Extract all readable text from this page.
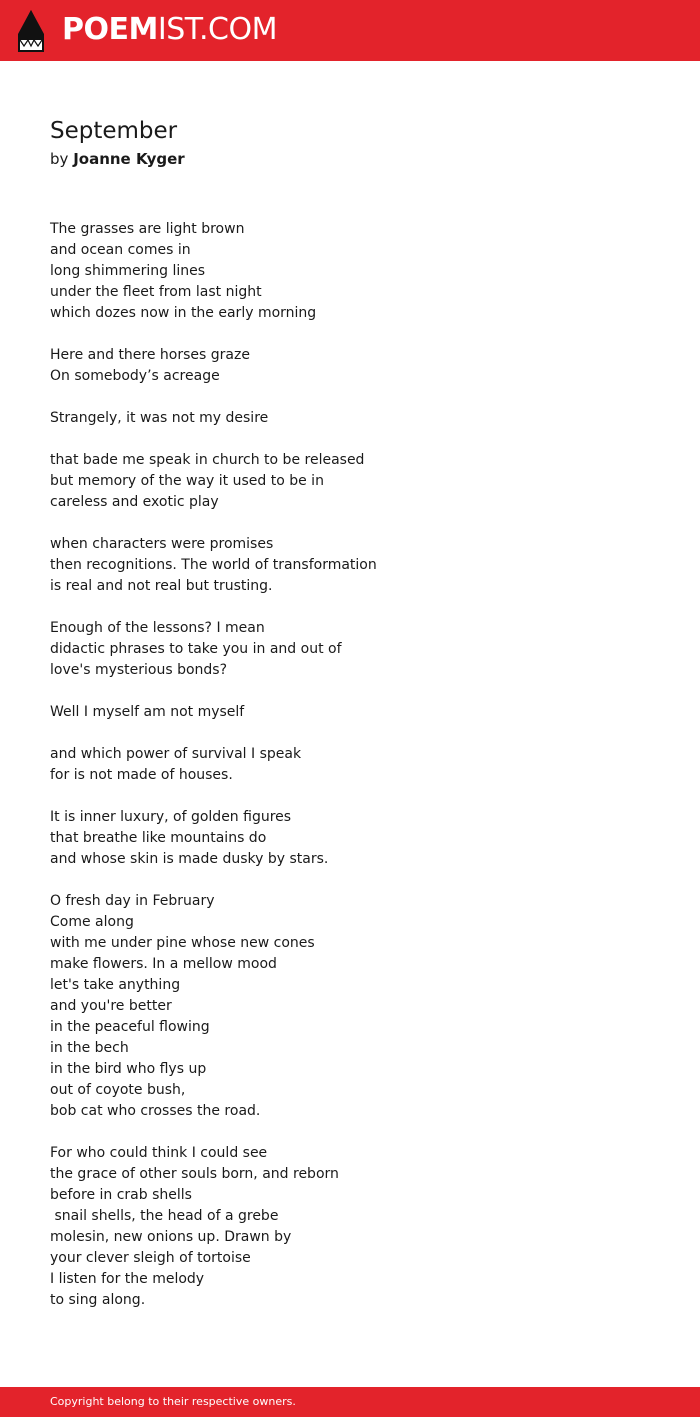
POEMIST.COM
September
by Joanne Kyger
The grasses are light brown
and ocean comes in
long shimmering lines
under the fleet from last night
which dozes now in the early morning

Here and there horses graze
On somebody’s acreage

Strangely, it was not my desire

that bade me speak in church to be released
but memory of the way it used to be in
careless and exotic play

when characters were promises
then recognitions. The world of transformation
is real and not real but trusting.

Enough of the lessons? I mean
didactic phrases to take you in and out of
love's mysterious bonds?

Well I myself am not myself

and which power of survival I speak
for is not made of houses.

It is inner luxury, of golden figures
that breathe like mountains do
and whose skin is made dusky by stars.

O fresh day in February
Come along
with me under pine whose new cones
make flowers. In a mellow mood
let's take anything
and you're better
in the peaceful flowing
in the bech
in the bird who flys up
out of coyote bush,
bob cat who crosses the road.

For who could think I could see
the grace of other souls born, and reborn
before in crab shells
snail shells, the head of a grebe
molesin, new onions up. Drawn by
your clever sleigh of tortoise
I listen for the melody
to sing along.
Copyright belong to their respective owners.
